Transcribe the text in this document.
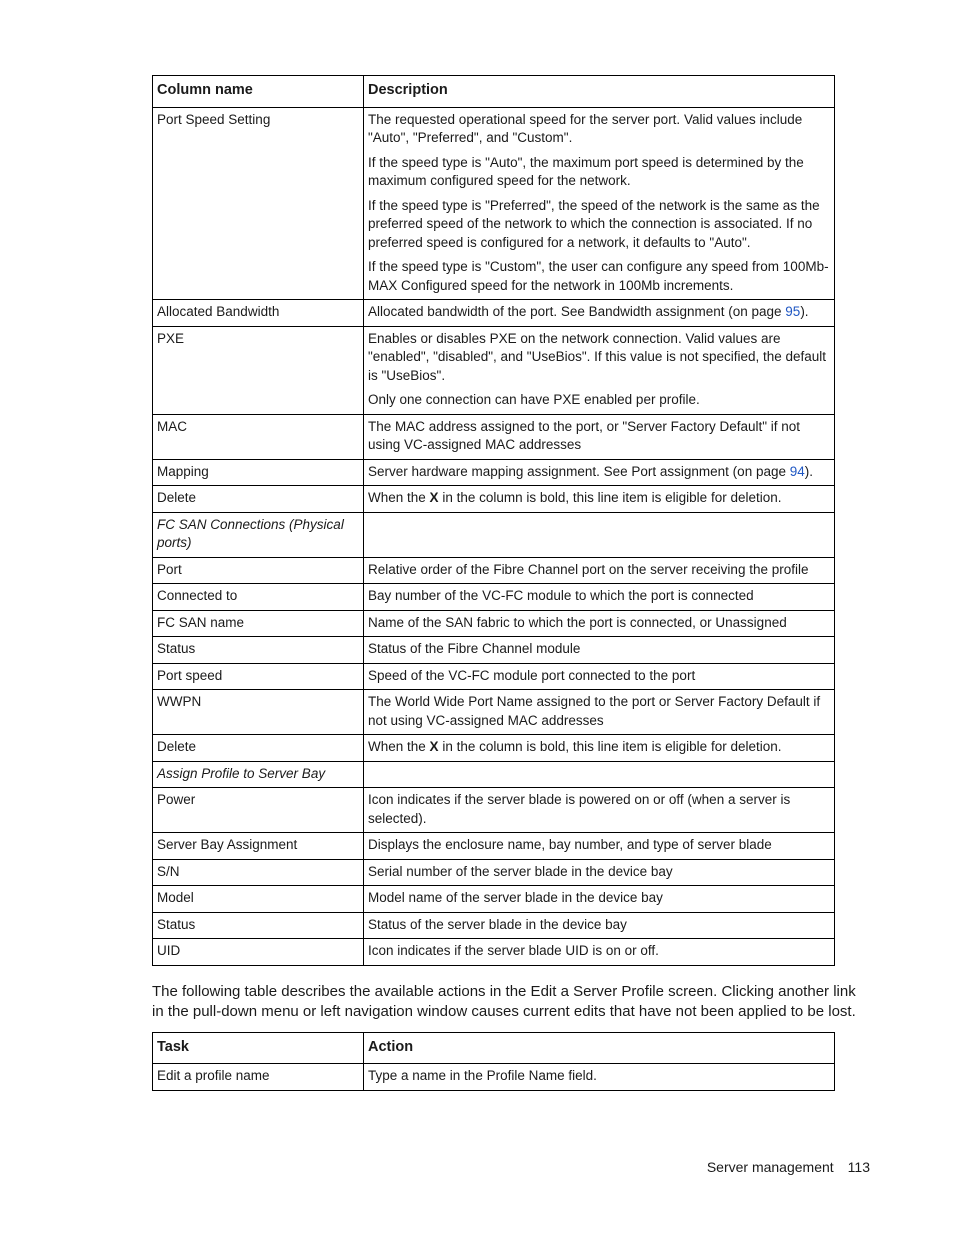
Column name	Description
Port Speed Setting	The requested operational speed for the server port. Valid values include "Auto", "Preferred", and "Custom".

If the speed type is "Auto", the maximum port speed is determined by the maximum configured speed for the network.

If the speed type is "Preferred", the speed of the network is the same as the preferred speed of the network to which the connection is associated. If no preferred speed is configured for a network, it defaults to "Auto".

If the speed type is "Custom", the user can configure any speed from 100Mb-MAX Configured speed for the network in 100Mb increments.

Allocated Bandwidth	Allocated bandwidth of the port. See Bandwidth assignment (on page 95).
PXE	Enables or disables PXE on the network connection. Valid values are "enabled", "disabled", and "UseBios". If this value is not specified, the default is "UseBios".

Only one connection can have PXE enabled per profile.

MAC	The MAC address assigned to the port, or "Server Factory Default" if not using VC-assigned MAC addresses
Mapping	Server hardware mapping assignment. See Port assignment (on page 94).
Delete	When the X in the column is bold, this line item is eligible for deletion.
FC SAN Connections (Physical ports)	
Port	Relative order of the Fibre Channel port on the server receiving the profile
Connected to	Bay number of the VC-FC module to which the port is connected
FC SAN name	Name of the SAN fabric to which the port is connected, or Unassigned
Status	Status of the Fibre Channel module
Port speed	Speed of the VC-FC module port connected to the port
WWPN	The World Wide Port Name assigned to the port or Server Factory Default if not using VC-assigned MAC addresses
Delete	When the X in the column is bold, this line item is eligible for deletion.
Assign Profile to Server Bay	
Power	Icon indicates if the server blade is powered on or off (when a server is selected).
Server Bay Assignment	Displays the enclosure name, bay number, and type of server blade
S/N	Serial number of the server blade in the device bay
Model	Model name of the server blade in the device bay
Status	Status of the server blade in the device bay
UID	Icon indicates if the server blade UID is on or off.

The following table describes the available actions in the Edit a Server Profile screen. Clicking another link in the pull-down menu or left navigation window causes current edits that have not been applied to be lost.

Task	Action
Edit a profile name	Type a name in the Profile Name field.
Server management 113
